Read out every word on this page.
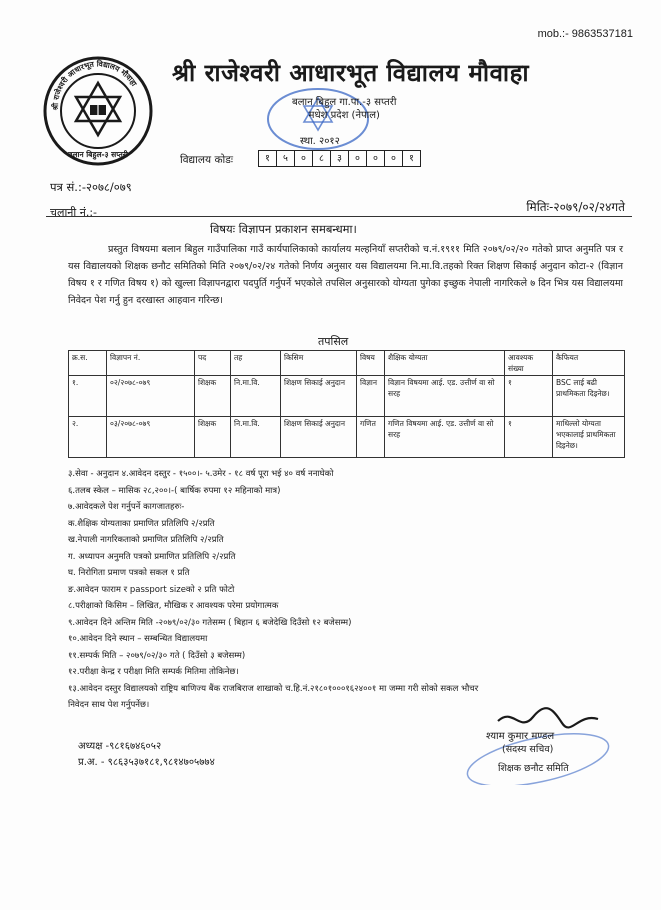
श्री राजेश्वरी आधारभूत विद्यालय मौवाहा
बलान बिहुल-३ सप्तरी
mob.:- 9863537181
श्री राजेश्वरी आधारभूत विद्यालय मौवाहा
बलान बिहुल गा.पा.-३ सप्तरी
मधेश प्रदेश (नेपाल)
स्था. २०१२
विद्यालय कोडः	१	५	०	८	३	०	०	०	१
पत्र सं.:-२०७८/०७९
चलानी नं.:-	मितिः-२०७९/०२/२४गते
विषयः विज्ञापन प्रकाशन समबन्धमा।
प्रस्तुत विषयमा बलान बिहुल गाउँपालिका गाउँ कार्यपालिकाको कार्यालय मल्हनियाँ सप्तरीको च.नं.१९११ मिति २०७९/०२/२० गतेको प्राप्त अनुमति पत्र र यस विद्यालयको शिक्षक छनौट समितिको मिति २०७९/०२/२४ गतेको निर्णय अनुसार यस विद्यालयमा नि.मा.वि.तहको रिक्त शिक्षण सिकाई अनुदान कोटा-२ (विज्ञान विषय १ र गणित विषय १) को खुल्ला विज्ञापनद्वारा पदपुर्ति गर्नुपर्ने भएकोले तपसिल अनुसारको योग्यता पुगेका इच्छुक नेपाली नागरिकले ७ दिन भित्र यस विद्यालयमा निवेदन पेश गर्नु हुन दरखास्त आहवान गरिन्छ।
तपसिल
क्र.स.	विज्ञापन नं.	पद	तह	किसिम	विषय	शैक्षिक योग्यता	आवश्यक संख्या	कैफियत
१.	०२/२०७८-०७९	शिक्षक	नि.मा.वि.	शिक्षण सिकाई अनुदान	विज्ञान	विज्ञान विषयमा आई. एड. उत्तीर्ण वा सो सरह	१	BSC लाई बढी प्राथमिकता दिइनेछ।
२.	०३/२०७८-०७९	शिक्षक	नि.मा.वि.	शिक्षण सिकाई अनुदान	गणित	गणित विषयमा आई. एड. उत्तीर्ण वा सो सरह	१	माथिल्लो योग्यता भएकालाई प्राथमिकता दिइनेछ।
३.सेवा - अनुदान ४.आवेदन दस्तुर - १५००।- ५.उमेर - १८ वर्ष पूरा भई ४० वर्ष ननाघेको
६.तलब स्केल – मासिक २८,२००।-( बार्षिक रुपमा १२ महिनाको मात्र)
७.आवेदकले पेश गर्नुपर्ने कागजातहरुः-
क.शैक्षिक योग्यताका प्रमाणित प्रतिलिपि २/२प्रति
ख.नेपाली नागरिकताको प्रमाणित प्रतिलिपि २/२प्रति
ग. अध्यापन अनुमति पत्रको प्रमाणित प्रतिलिपि २/२प्रति
घ. निरोगिता प्रमाण पत्रको सकल १ प्रति
ङ.आवेदन फाराम र passport sizeको २ प्रति फोटो
८.परीक्षाको किसिम – लिखित, मौखिक र आवश्यक परेमा प्रयोगात्मक
९.आवेदन दिने अन्तिम मिति -२०७९/०२/३० गतेसम्म ( बिहान ६ बजेदेखि दिउँसो १२ बजेसम्म)
१०.आवेदन दिने स्थान – सम्बन्धित विद्यालयमा
११.सम्पर्क मिति – २०७९/०२/३० गते ( दिउँसो ३ बजेसम्म)
१२.परीक्षा केन्द्र र परीक्षा मिति सम्पर्क मितिमा तोकिनेछ।
१३.आवेदन दस्तुर विद्यालयको राष्ट्रिय बाणिज्य बैंक राजबिराज शाखाको च.हि.नं.२१८०१०००१६२४००१ मा जम्मा गरी सोको सकल भौचर
निवेदन साथ पेश गर्नुपर्नेछ।
श्याम कुमार मण्डल
(सदस्य सचिव)
शिक्षक छनौट समिति
अध्यक्ष -९८१६७४६०५२
प्र.अ. - ९८६३५३७१८१,९८१४७०५७७४
